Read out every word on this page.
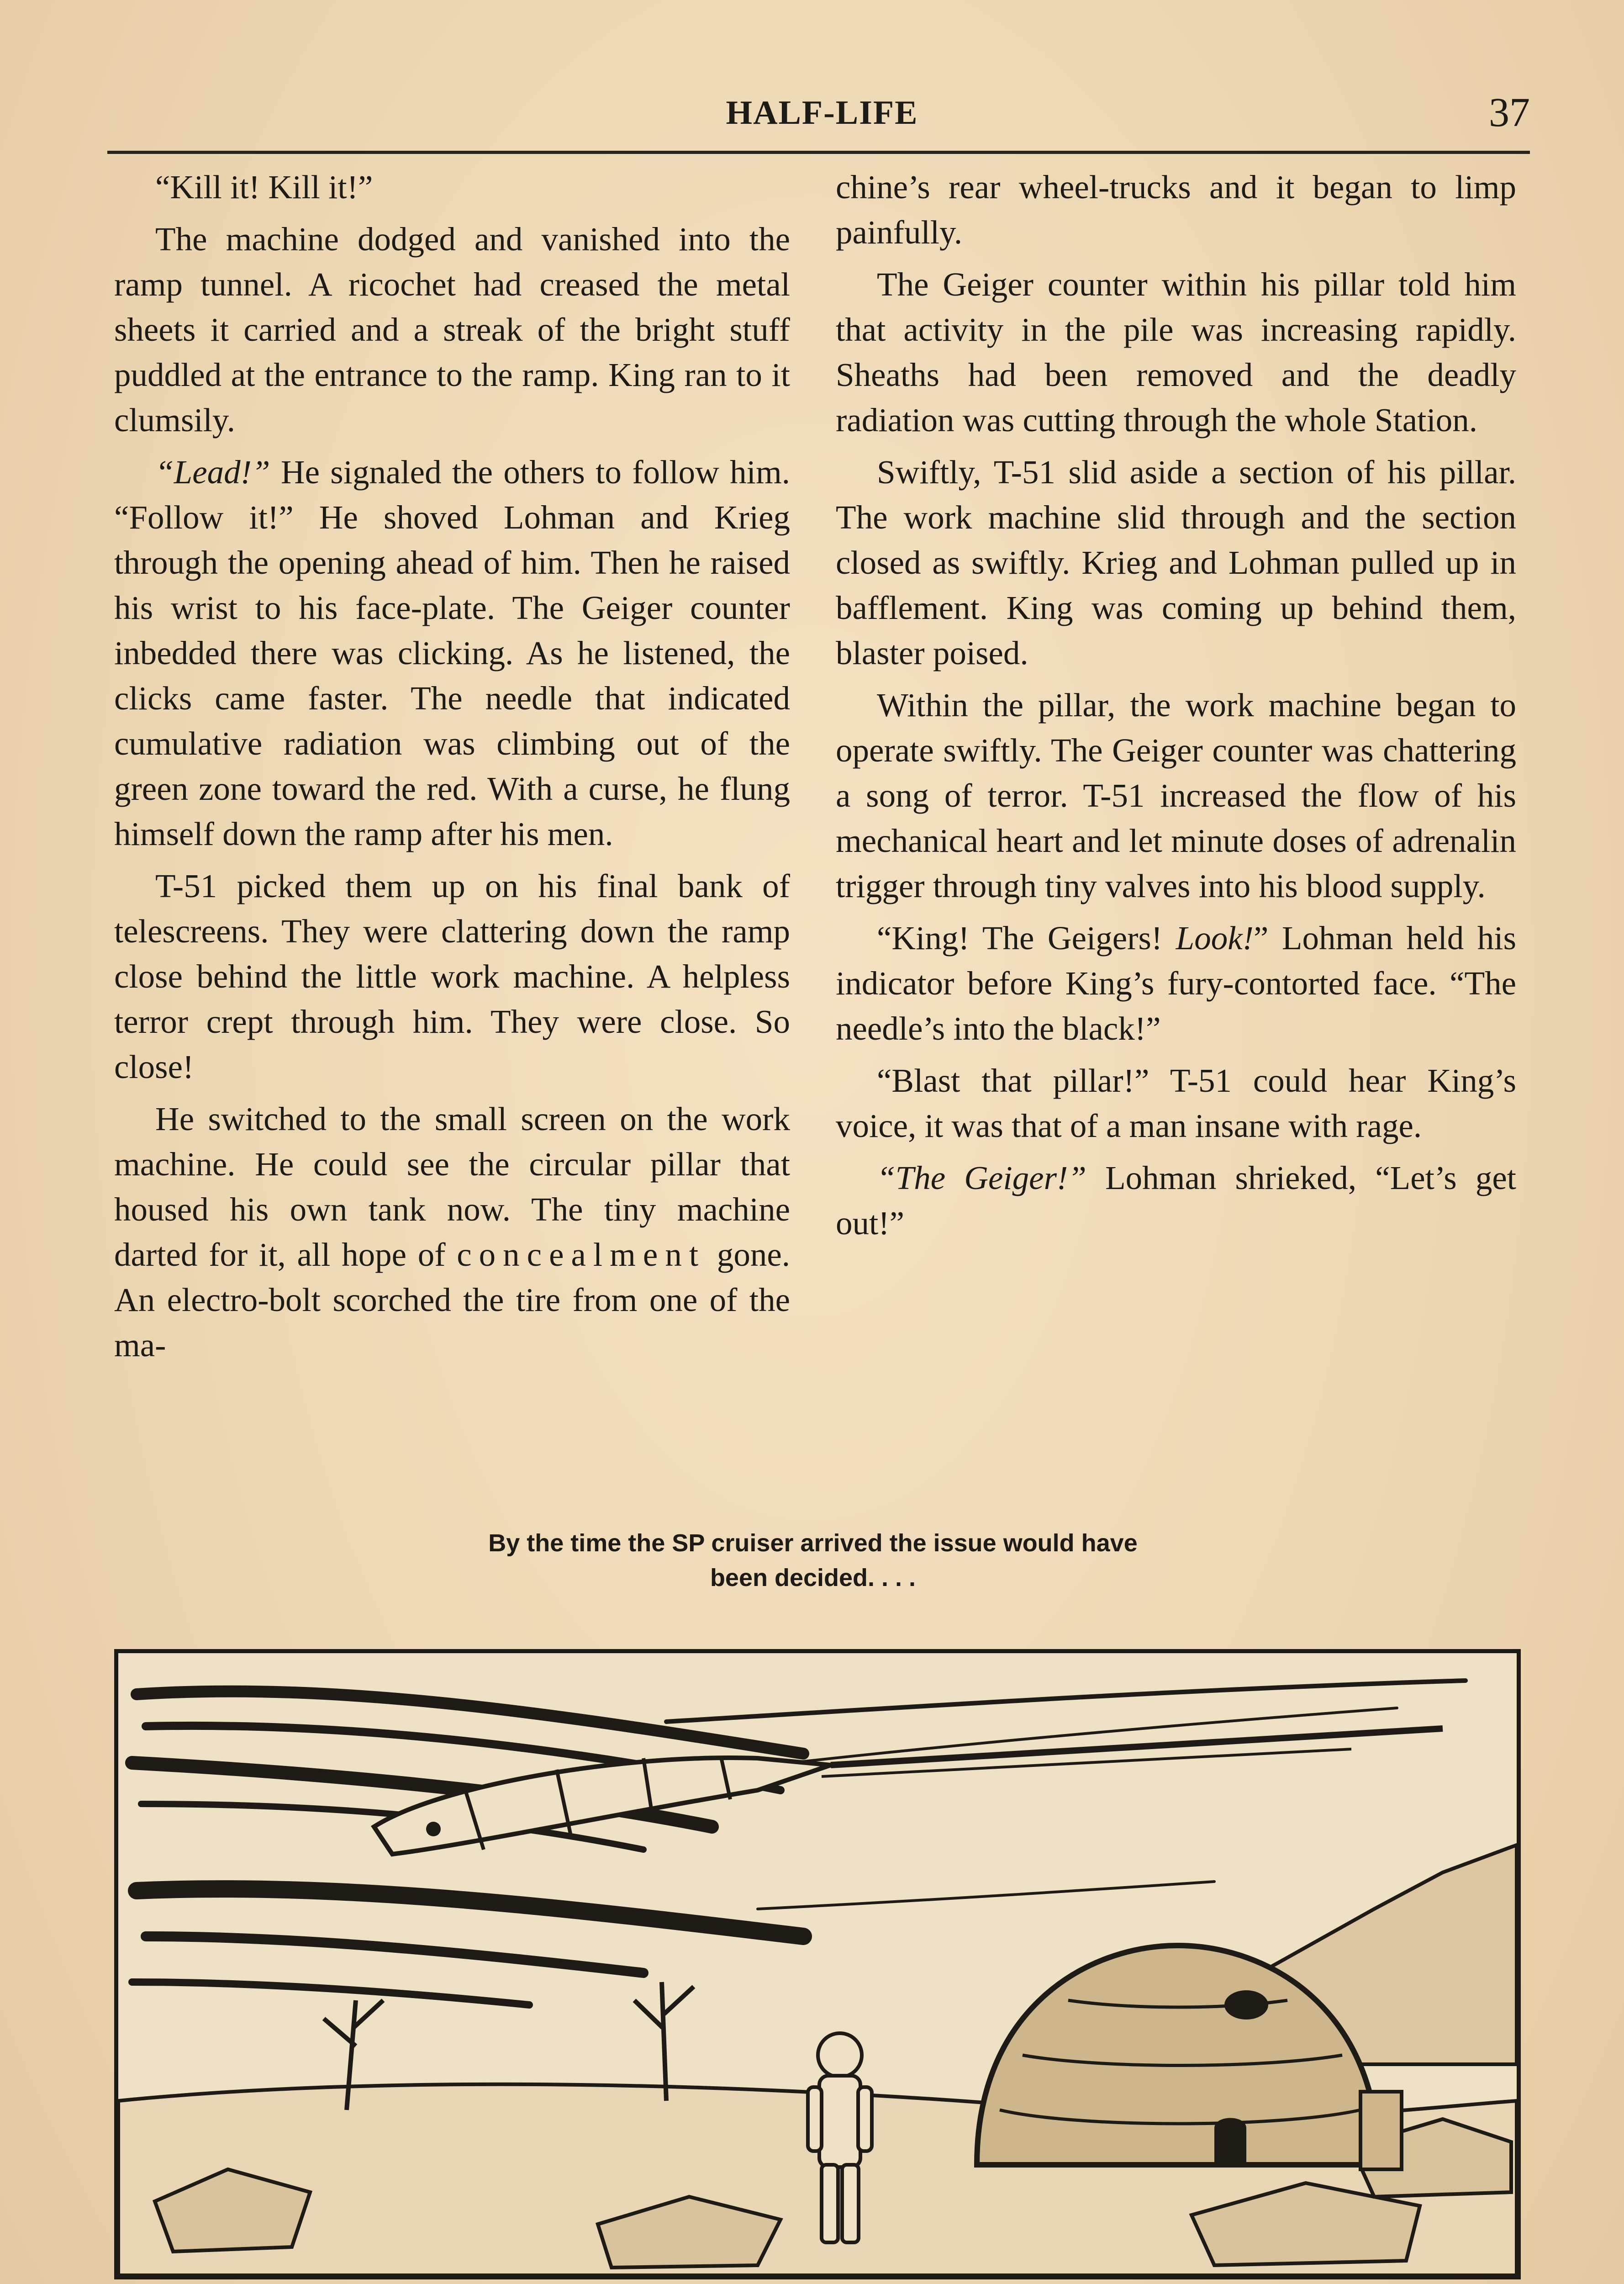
HALF-LIFE	37

“Kill it! Kill it!”

The machine dodged and vanished into the ramp tunnel. A ricochet had creased the metal sheets it carried and a streak of the bright stuff puddled at the entrance to the ramp. King ran to it clumsily.

“Lead!” He signaled the others to follow him. “Follow it!” He shoved Lohman and Krieg through the opening ahead of him. Then he raised his wrist to his face-plate. The Geiger counter inbedded there was clicking. As he listened, the clicks came faster. The needle that indicated cumulative radiation was climbing out of the green zone toward the red. With a curse, he flung himself down the ramp after his men.

T-51 picked them up on his final bank of telescreens. They were clattering down the ramp close behind the little work machine. A helpless terror crept through him. They were close. So close!

He switched to the small screen on the work machine. He could see the circular pillar that housed his own tank now. The tiny machine darted for it, all hope of concealment gone. An electro-bolt scorched the tire from one of the ma-

chine’s rear wheel-trucks and it began to limp painfully.

The Geiger counter within his pillar told him that activity in the pile was increasing rapidly. Sheaths had been removed and the deadly radiation was cutting through the whole Station.

Swiftly, T-51 slid aside a section of his pillar. The work machine slid through and the section closed as swiftly. Krieg and Lohman pulled up in bafflement. King was coming up behind them, blaster poised.

Within the pillar, the work machine began to operate swiftly. The Geiger counter was chattering a song of terror. T-51 increased the flow of his mechanical heart and let minute doses of adrenalin trigger through tiny valves into his blood supply.

“King! The Geigers! Look!” Lohman held his indicator before King’s fury-contorted face. “The needle’s into the black!”

“Blast that pillar!” T-51 could hear King’s voice, it was that of a man insane with rage.

“The Geiger!” Lohman shrieked, “Let’s get out!”

By the time the SP cruiser arrived the issue would have
been decided. . . .
